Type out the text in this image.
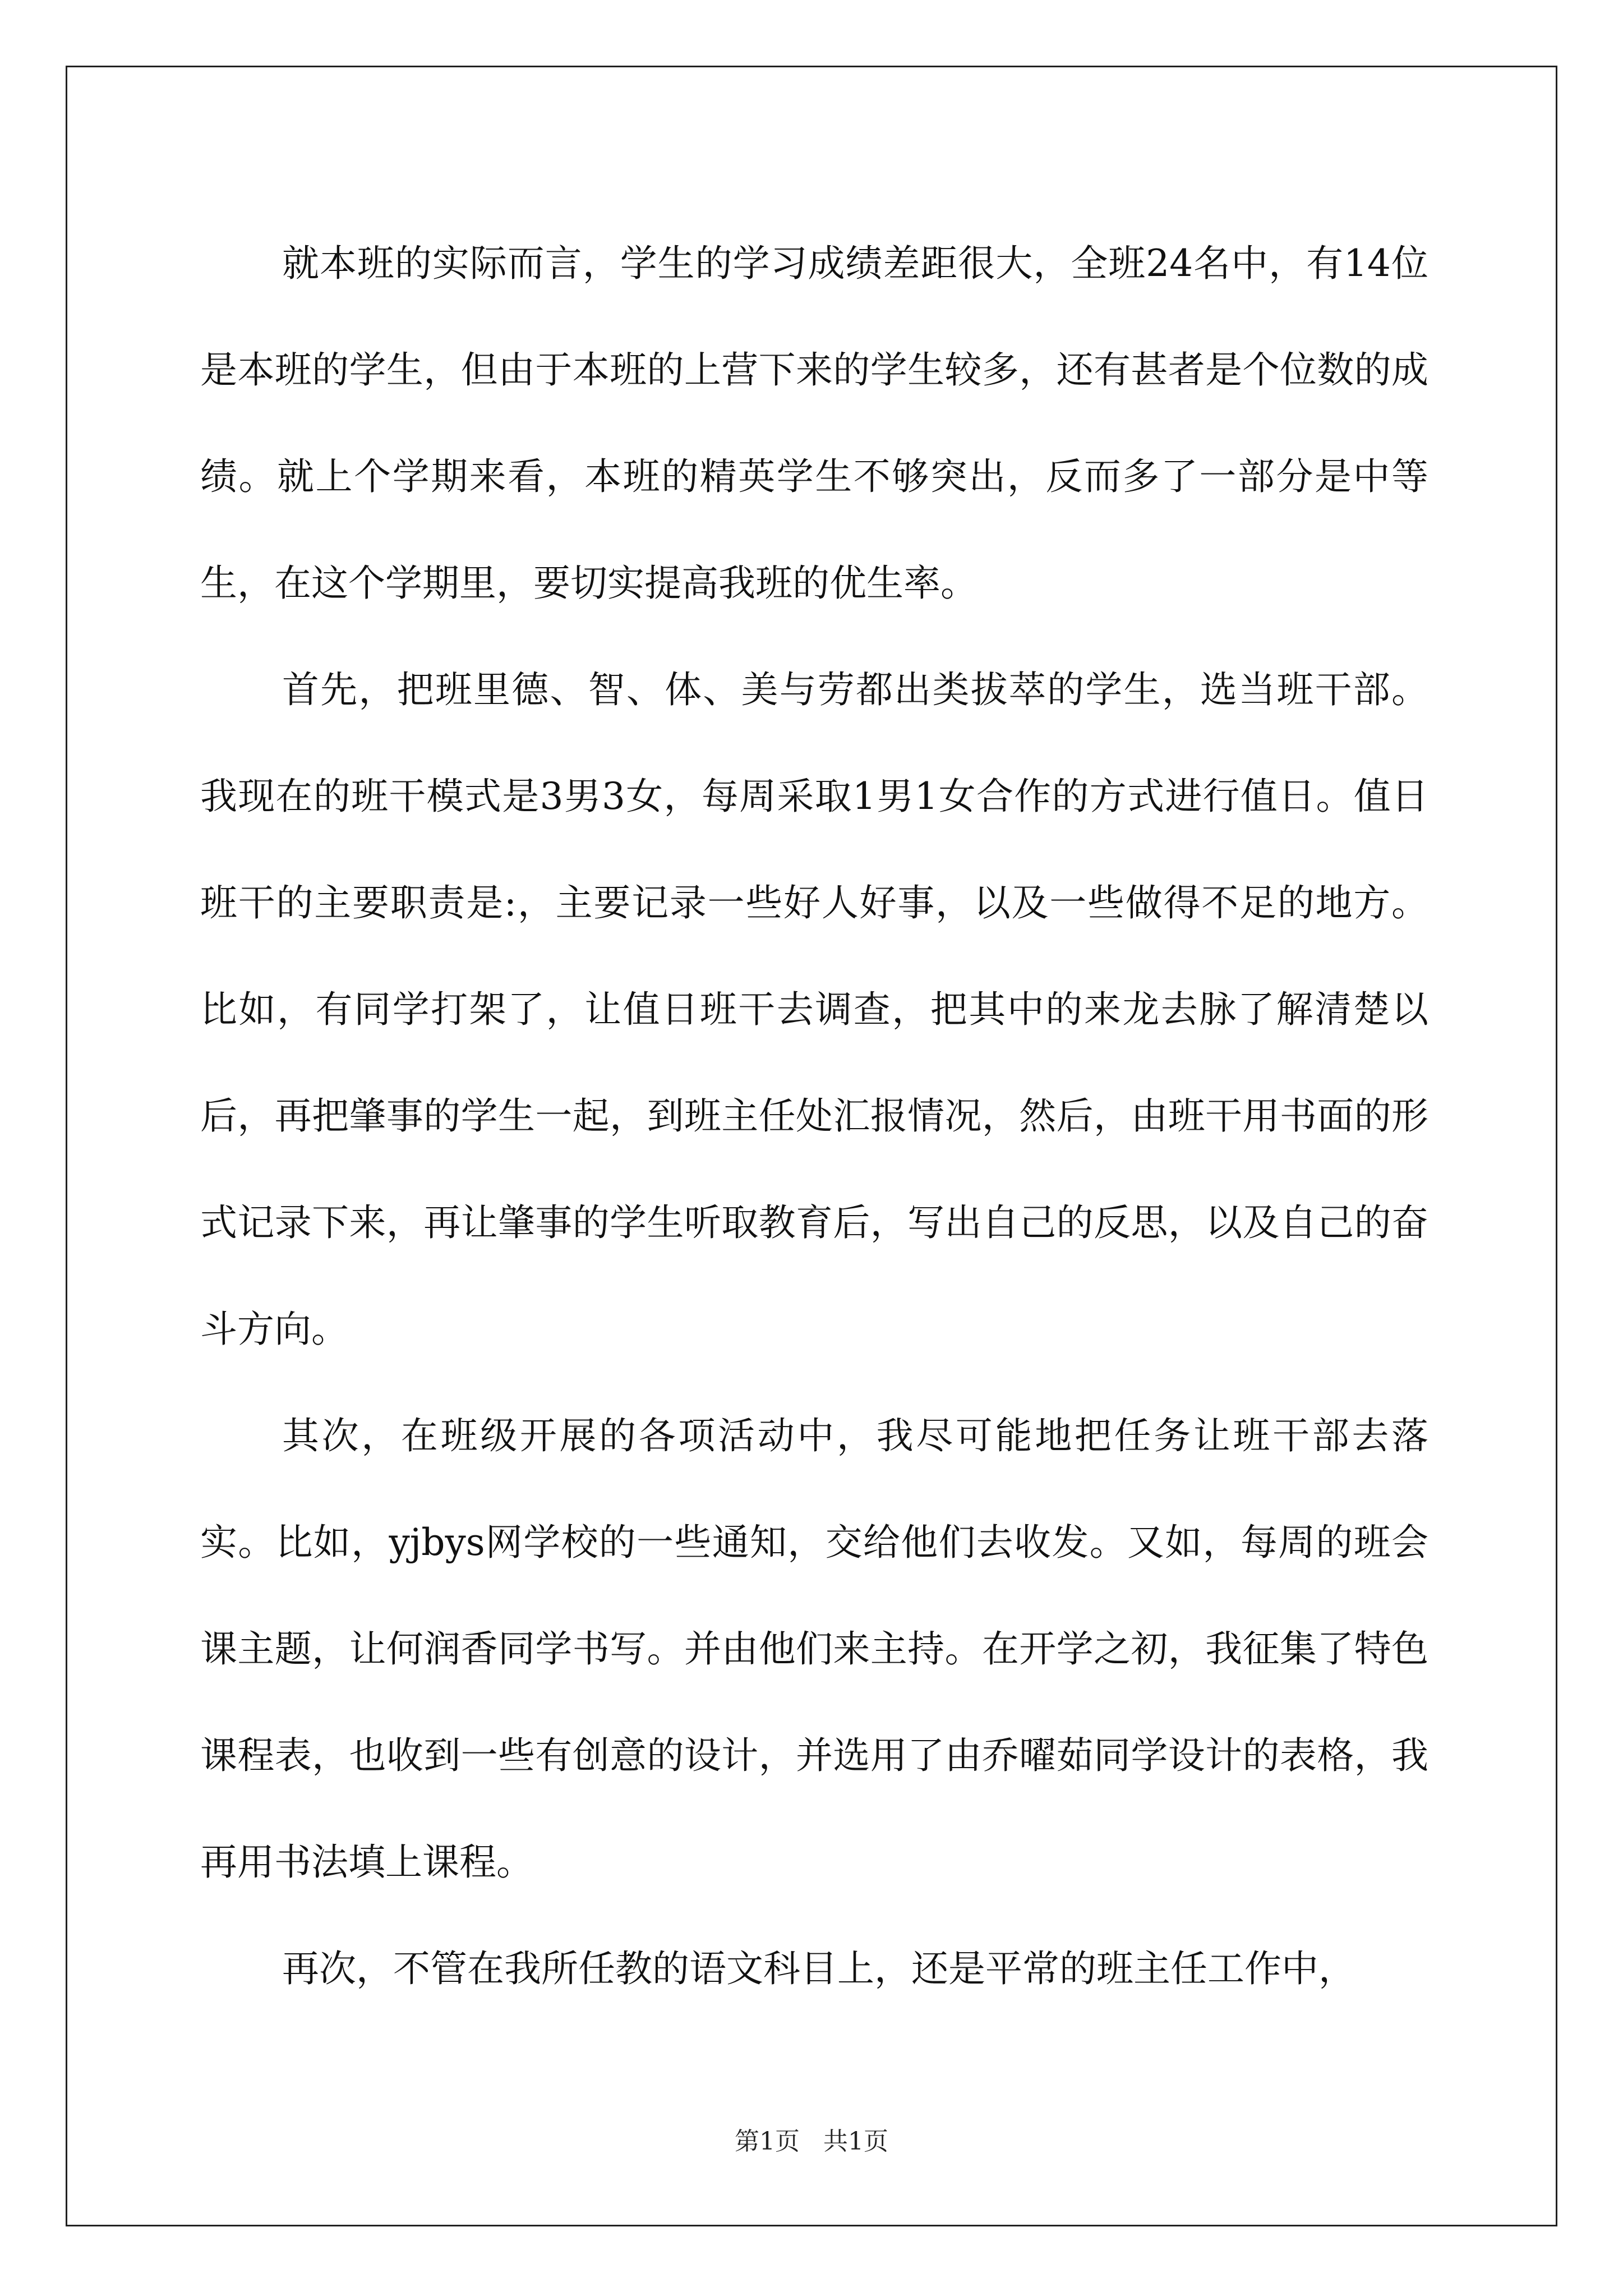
就本班的实际而言，学生的学习成绩差距很大，全班24名中，有14位是本班的学生，但由于本班的上营下来的学生较多，还有甚者是个位数的成绩。就上个学期来看，本班的精英学生不够突出，反而多了一部分是中等生，在这个学期里，要切实提高我班的优生率。

首先，把班里德、智、体、美与劳都出类拔萃的学生，选当班干部。我现在的班干模式是3男3女，每周采取1男1女合作的方式进行值日。值日班干的主要职责是:，主要记录一些好人好事，以及一些做得不足的地方。比如，有同学打架了，让值日班干去调查，把其中的来龙去脉了解清楚以后，再把肇事的学生一起，到班主任处汇报情况，然后，由班干用书面的形式记录下来，再让肇事的学生听取教育后，写出自己的反思，以及自己的奋斗方向。

其次，在班级开展的各项活动中，我尽可能地把任务让班干部去落实。比如，yjbys网学校的一些通知，交给他们去收发。又如，每周的班会课主题，让何润香同学书写。并由他们来主持。在开学之初，我征集了特色课程表，也收到一些有创意的设计，并选用了由乔曜茹同学设计的表格，我再用书法填上课程。

再次，不管在我所任教的语文科目上，还是平常的班主任工作中，

第1页 共1页
